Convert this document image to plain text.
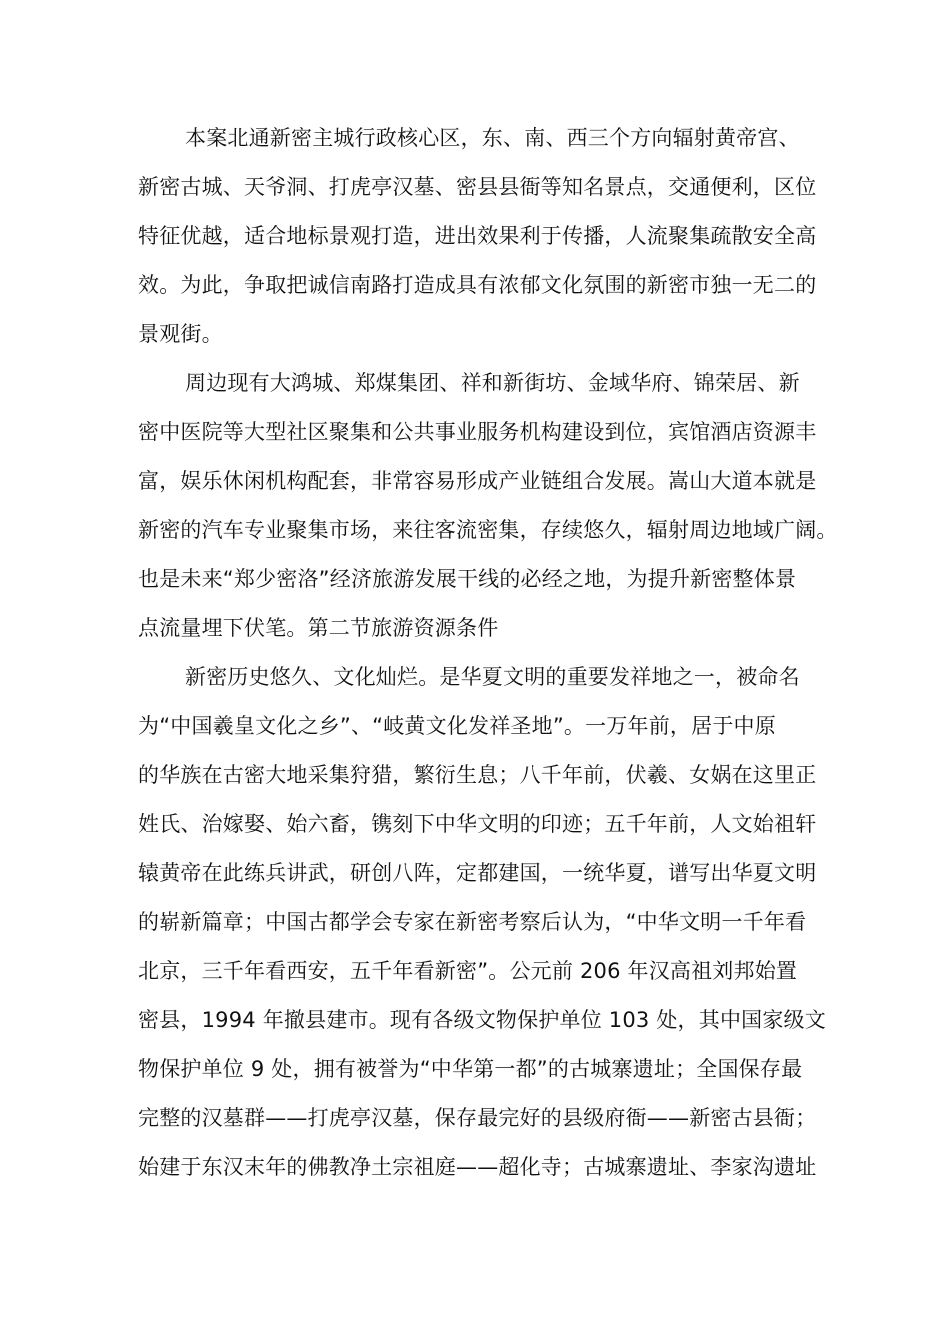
本案北通新密主城行政核心区，东、南、西三个方向辐射黄帝宫、
新密古城、天爷洞、打虎亭汉墓、密县县衙等知名景点，交通便利，区位
特征优越，适合地标景观打造，进出效果利于传播，人流聚集疏散安全高
效。为此，争取把诚信南路打造成具有浓郁文化氛围的新密市独一无二的
景观街。
周边现有大鸿城、郑煤集团、祥和新街坊、金域华府、锦荣居、新
密中医院等大型社区聚集和公共事业服务机构建设到位，宾馆酒店资源丰
富，娱乐休闲机构配套，非常容易形成产业链组合发展。嵩山大道本就是
新密的汽车专业聚集市场，来往客流密集，存续悠久，辐射周边地域广阔。
也是未来“郑少密洛”经济旅游发展干线的必经之地，为提升新密整体景
点流量埋下伏笔。第二节旅游资源条件
新密历史悠久、文化灿烂。是华夏文明的重要发祥地之一，被命名
为“中国羲皇文化之乡”、“岐黄文化发祥圣地”。一万年前，居于中原
的华族在古密大地采集狩猎，繁衍生息；八千年前，伏羲、女娲在这里正
姓氏、治嫁娶、始六畜，镌刻下中华文明的印迹；五千年前，人文始祖轩
辕黄帝在此练兵讲武，研创八阵，定都建国，一统华夏，谱写出华夏文明
的崭新篇章；中国古都学会专家在新密考察后认为，“中华文明一千年看
北京，三千年看西安，五千年看新密”。公元前 206 年汉高祖刘邦始置
密县，1994 年撤县建市。现有各级文物保护单位 103 处，其中国家级文
物保护单位 9 处，拥有被誉为“中华第一都”的古城寨遗址；全国保存最
完整的汉墓群——打虎亭汉墓，保存最完好的县级府衙——新密古县衙；
始建于东汉末年的佛教净土宗祖庭——超化寺；古城寨遗址、李家沟遗址
